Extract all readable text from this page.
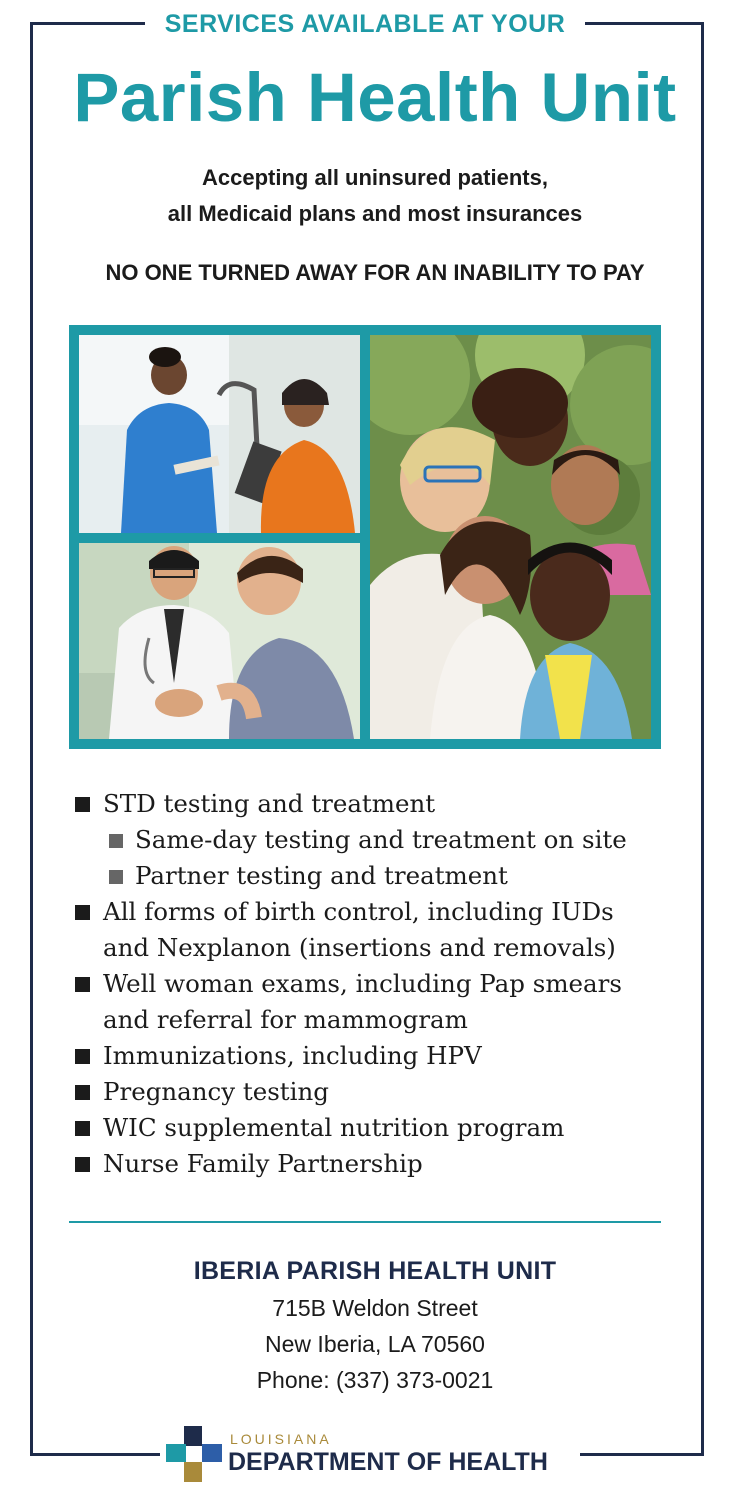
SERVICES AVAILABLE AT YOUR
Parish Health Unit
Accepting all uninsured patients,
all Medicaid plans and most insurances
NO ONE TURNED AWAY FOR AN INABILITY TO PAY
STD testing and treatment
Same-day testing and treatment on site
Partner testing and treatment
All forms of birth control, including IUDs
and Nexplanon (insertions and removals)
Well woman exams, including Pap smears
and referral for mammogram
Immunizations, including HPV
Pregnancy testing
WIC supplemental nutrition program
Nurse Family Partnership
IBERIA PARISH HEALTH UNIT
715B Weldon Street
New Iberia, LA 70560
Phone: (337) 373-0021
LOUISIANA
DEPARTMENT OF HEALTH
